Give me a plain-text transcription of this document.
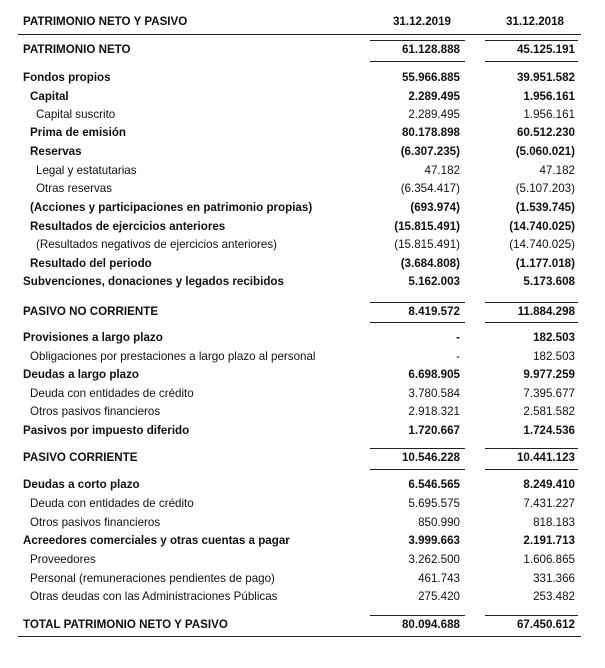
PATRIMONIO NETO Y PASIVO	31.12.2019	31.12.2018
PATRIMONIO NETO	61.128.888	45.125.191
Fondos propios	55.966.885	39.951.582
Capital	2.289.495	1.956.161
Capital suscrito	2.289.495	1.956.161
Prima de emisión	80.178.898	60.512.230
Reservas	(6.307.235)	(5.060.021)
Legal y estatutarias	47.182	47.182
Otras reservas	(6.354.417)	(5.107.203)
(Acciones y participaciones en patrimonio propias)	(693.974)	(1.539.745)
Resultados de ejercicios anteriores	(15.815.491)	(14.740.025)
(Resultados negativos de ejercicios anteriores)	(15.815.491)	(14.740.025)
Resultado del periodo	(3.684.808)	(1.177.018)
Subvenciones, donaciones y legados recibidos	5.162.003	5.173.608
PASIVO NO CORRIENTE	8.419.572	11.884.298
Provisiones a largo plazo	-	182.503
Obligaciones por prestaciones a largo plazo al personal	-	182.503
Deudas a largo plazo	6.698.905	9.977.259
Deuda con entidades de crédito	3.780.584	7.395.677
Otros pasivos financieros	2.918.321	2.581.582
Pasivos por impuesto diferido	1.720.667	1.724.536
PASIVO CORRIENTE	10.546.228	10.441.123
Deudas a corto plazo	6.546.565	8.249.410
Deuda con entidades de crédito	5.695.575	7.431.227
Otros pasivos financieros	850.990	818.183
Acreedores comerciales y otras cuentas a pagar	3.999.663	2.191.713
Proveedores	3.262.500	1.606.865
Personal (remuneraciones pendientes de pago)	461.743	331.366
Otras deudas con las Administraciones Públicas	275.420	253.482
TOTAL PATRIMONIO NETO Y PASIVO	80.094.688	67.450.612
